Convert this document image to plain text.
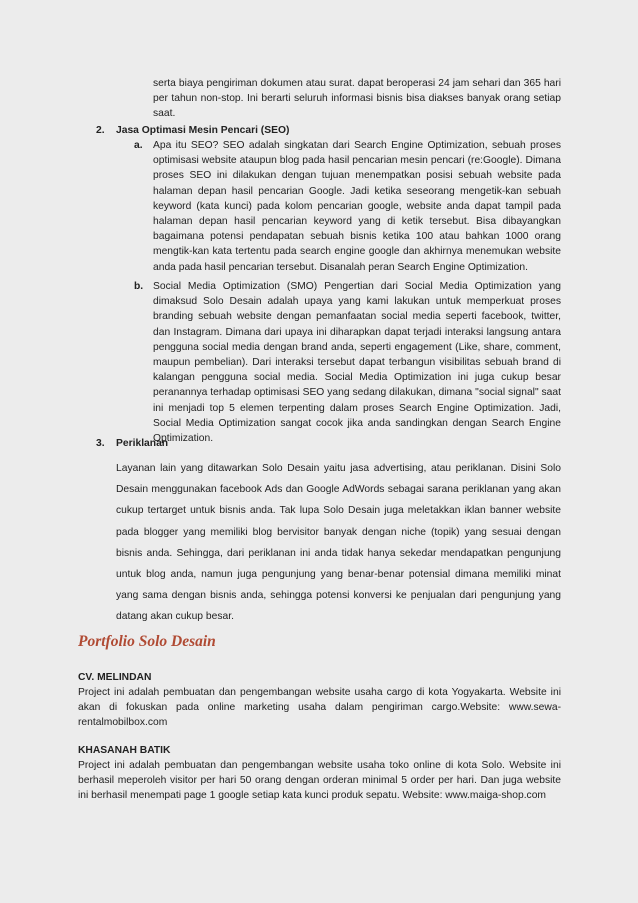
serta biaya pengiriman dokumen atau surat. dapat beroperasi 24 jam sehari dan 365 hari per tahun non-stop. Ini berarti seluruh informasi bisnis bisa diakses banyak orang setiap saat.

2. Jasa Optimasi Mesin Pencari (SEO)
a. Apa itu SEO? SEO adalah singkatan dari Search Engine Optimization, sebuah proses optimisasi website ataupun blog pada hasil pencarian mesin pencari (re:Google). Dimana proses SEO ini dilakukan dengan tujuan menempatkan posisi sebuah website pada halaman depan hasil pencarian Google. Jadi ketika seseorang mengetik-kan sebuah keyword (kata kunci) pada kolom pencarian google, website anda dapat tampil pada halaman depan hasil pencarian keyword yang di ketik tersebut. Bisa dibayangkan bagaimana potensi pendapatan sebuah bisnis ketika 100 atau bahkan 1000 orang mengtik-kan kata tertentu pada search engine google dan akhirnya menemukan website anda pada hasil pencarian tersebut. Disanalah peran Search Engine Optimization.

b. Social Media Optimization (SMO) Pengertian dari Social Media Optimization yang dimaksud Solo Desain adalah upaya yang kami lakukan untuk memperkuat proses branding sebuah website dengan pemanfaatan social media seperti facebook, twitter, dan Instagram. Dimana dari upaya ini diharapkan dapat terjadi interaksi langsung antara pengguna social media dengan brand anda, seperti engagement (Like, share, comment, maupun pembelian). Dari interaksi tersebut dapat terbangun visibilitas sebuah brand di kalangan pengguna social media. Social Media Optimization ini juga cukup besar peranannya terhadap optimisasi SEO yang sedang dilakukan, dimana "social signal" saat ini menjadi top 5 elemen terpenting dalam proses Search Engine Optimization. Jadi, Social Media Optimization sangat cocok jika anda sandingkan dengan Search Engine Optimization.

3. Periklanan

Layanan lain yang ditawarkan Solo Desain yaitu jasa advertising, atau periklanan. Disini Solo Desain menggunakan facebook Ads dan Google AdWords sebagai sarana periklanan yang akan cukup tertarget untuk bisnis anda. Tak lupa Solo Desain juga meletakkan iklan banner website pada blogger yang memiliki blog bervisitor banyak dengan niche (topik) yang sesuai dengan bisnis anda. Sehingga, dari periklanan ini anda tidak hanya sekedar mendapatkan pengunjung untuk blog anda, namun juga pengunjung yang benar-benar potensial dimana memiliki minat yang sama dengan bisnis anda, sehingga potensi konversi ke penjualan dari pengunjung yang datang akan cukup besar.

Portfolio Solo Desain
CV. MELINDAN

Project ini adalah pembuatan dan pengembangan website usaha cargo di kota Yogyakarta. Website ini akan di fokuskan pada online marketing usaha dalam pengiriman cargo.Website: www.sewa-rentalmobilbox.com

KHASANAH BATIK

Project ini adalah pembuatan dan pengembangan website usaha toko online di kota Solo. Website ini berhasil meperoleh visitor per hari 50 orang dengan orderan minimal 5 order per hari. Dan juga website ini berhasil menempati page 1 google setiap kata kunci produk sepatu. Website: www.maiga-shop.com
